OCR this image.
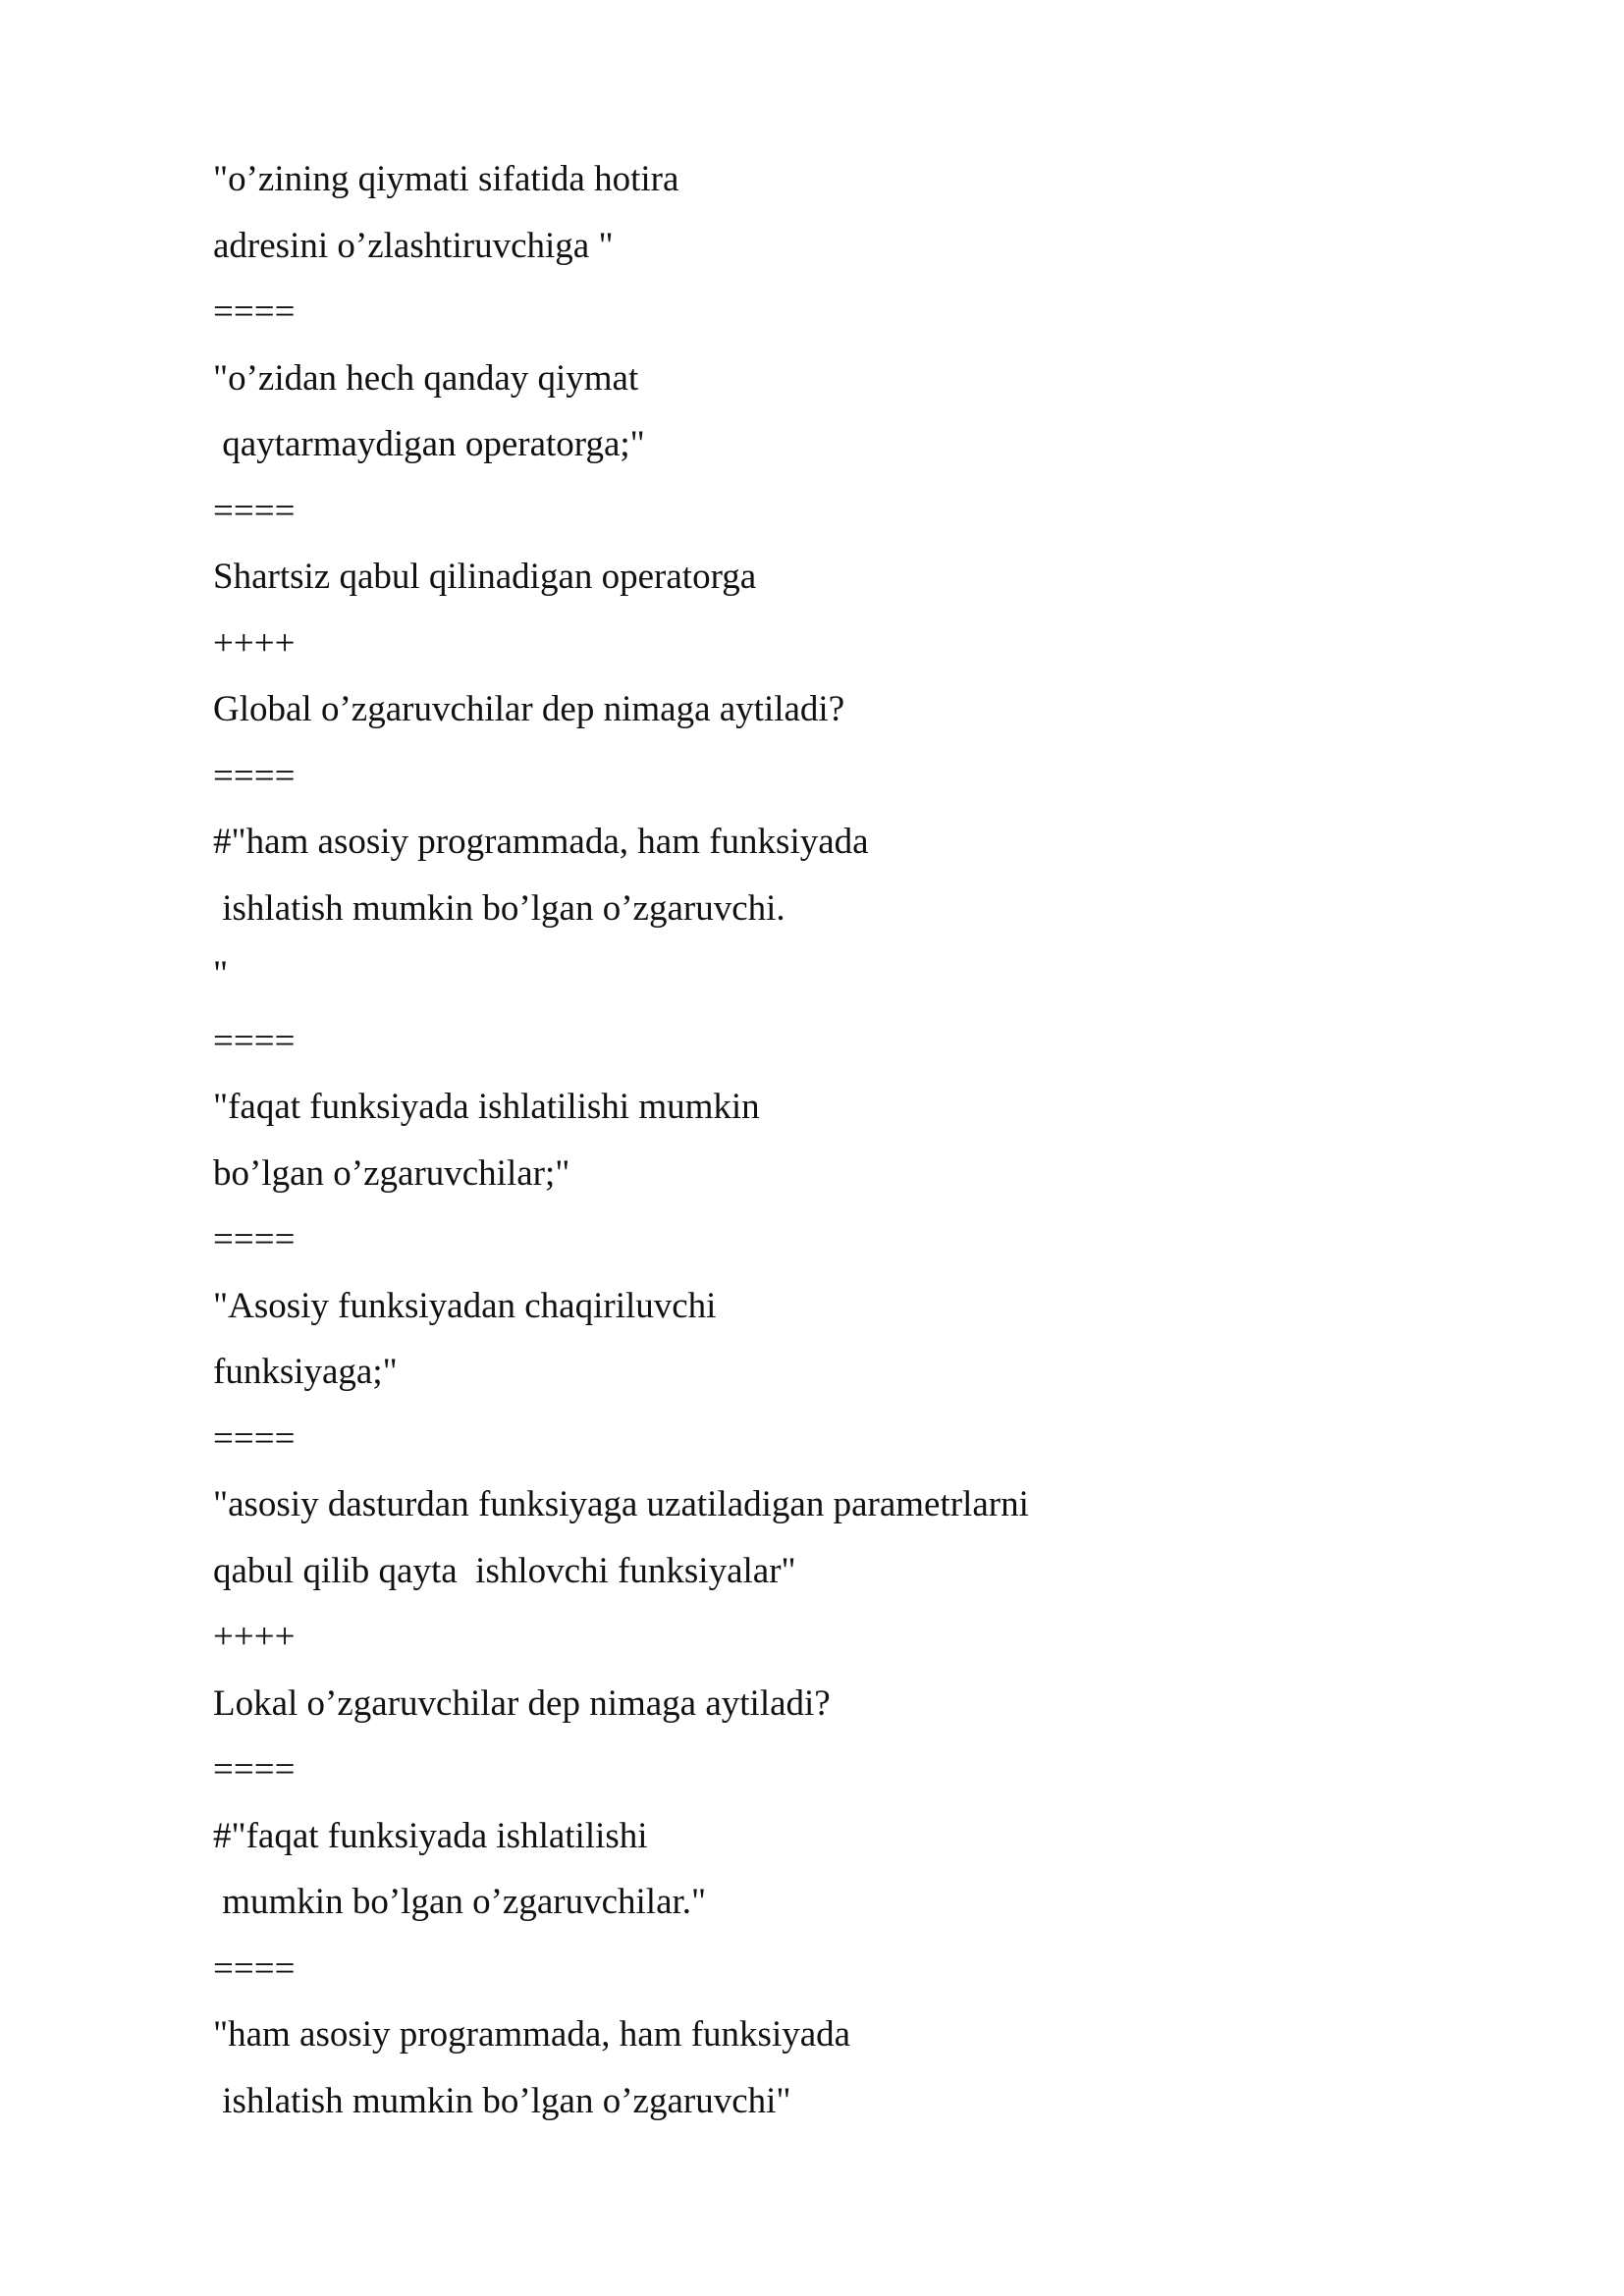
"o’zining qiymati sifatida hotira
adresini o’zlashtiruvchiga "
====
"o’zidan hech qanday qiymat
qaytarmaydigan operatorga;"
====
Shartsiz qabul qilinadigan operatorga
++++
Global o’zgaruvchilar dep nimaga aytiladi?
====
#"ham asosiy programmada, ham funksiyada
ishlatish mumkin bo’lgan o’zgaruvchi.
"
====
"faqat funksiyada ishlatilishi mumkin
bo’lgan o’zgaruvchilar;"
====
"Asosiy funksiyadan chaqiriluvchi
funksiyaga;"
====
"asosiy dasturdan funksiyaga uzatiladigan parametrlarni
qabul qilib qayta  ishlovchi funksiyalar"
++++
Lokal o’zgaruvchilar dep nimaga aytiladi?
====
#"faqat funksiyada ishlatilishi
mumkin bo’lgan o’zgaruvchilar."
====
"ham asosiy programmada, ham funksiyada
ishlatish mumkin bo’lgan o’zgaruvchi"
